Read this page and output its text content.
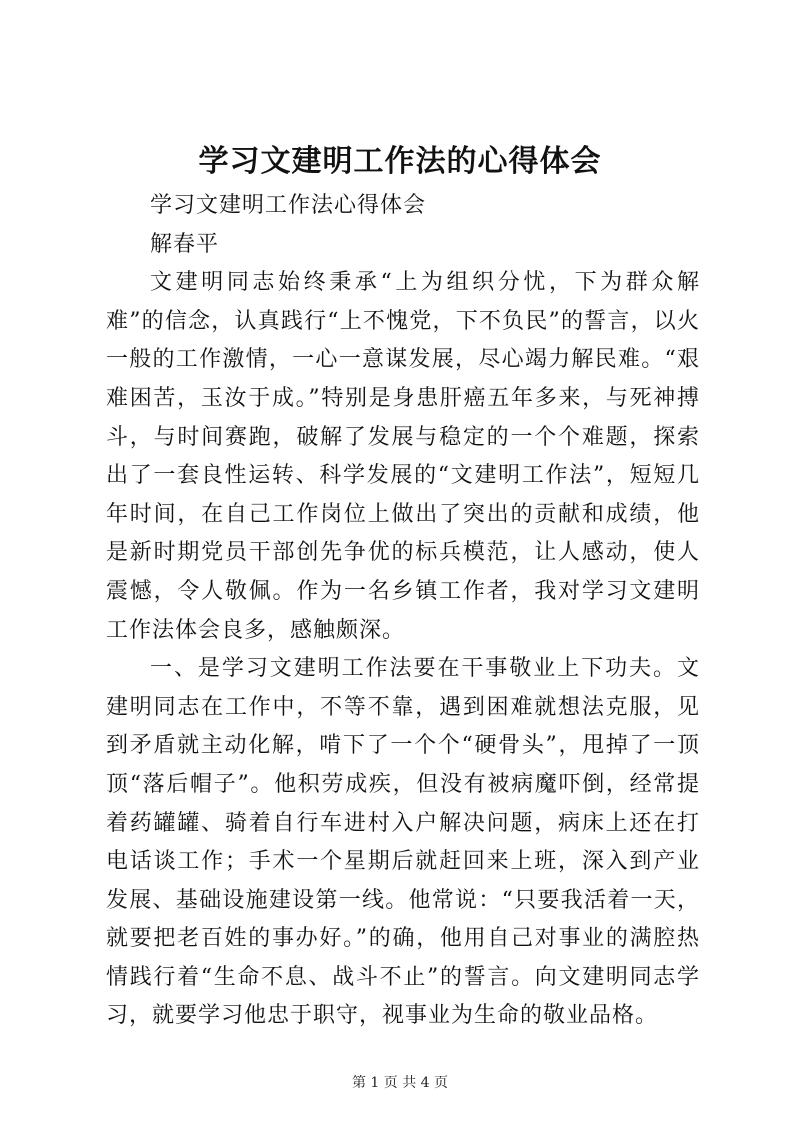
学习文建明工作法的心得体会

学习文建明工作法心得体会

解春平

文建明同志始终秉承“上为组织分忧，下为群众解难”的信念，认真践行“上不愧党，下不负民”的誓言，以火一般的工作激情，一心一意谋发展，尽心竭力解民难。“艰难困苦，玉汝于成。”特别是身患肝癌五年多来，与死神搏斗，与时间赛跑，破解了发展与稳定的一个个难题，探索出了一套良性运转、科学发展的“文建明工作法”，短短几年时间，在自己工作岗位上做出了突出的贡献和成绩，他是新时期党员干部创先争优的标兵模范，让人感动，使人震憾，令人敬佩。作为一名乡镇工作者，我对学习文建明工作法体会良多，感触颇深。

一、是学习文建明工作法要在干事敬业上下功夫。文建明同志在工作中，不等不靠，遇到困难就想法克服，见到矛盾就主动化解，啃下了一个个“硬骨头”，甩掉了一顶顶“落后帽子”。他积劳成疾，但没有被病魔吓倒，经常提着药罐罐、骑着自行车进村入户解决问题，病床上还在打电话谈工作；手术一个星期后就赶回来上班，深入到产业发展、基础设施建设第一线。他常说：“只要我活着一天，就要把老百姓的事办好。”的确，他用自己对事业的满腔热情践行着“生命不息、战斗不止”的誓言。向文建明同志学习，就要学习他忠于职守，视事业为生命的敬业品格。

第 1 页 共 4 页
